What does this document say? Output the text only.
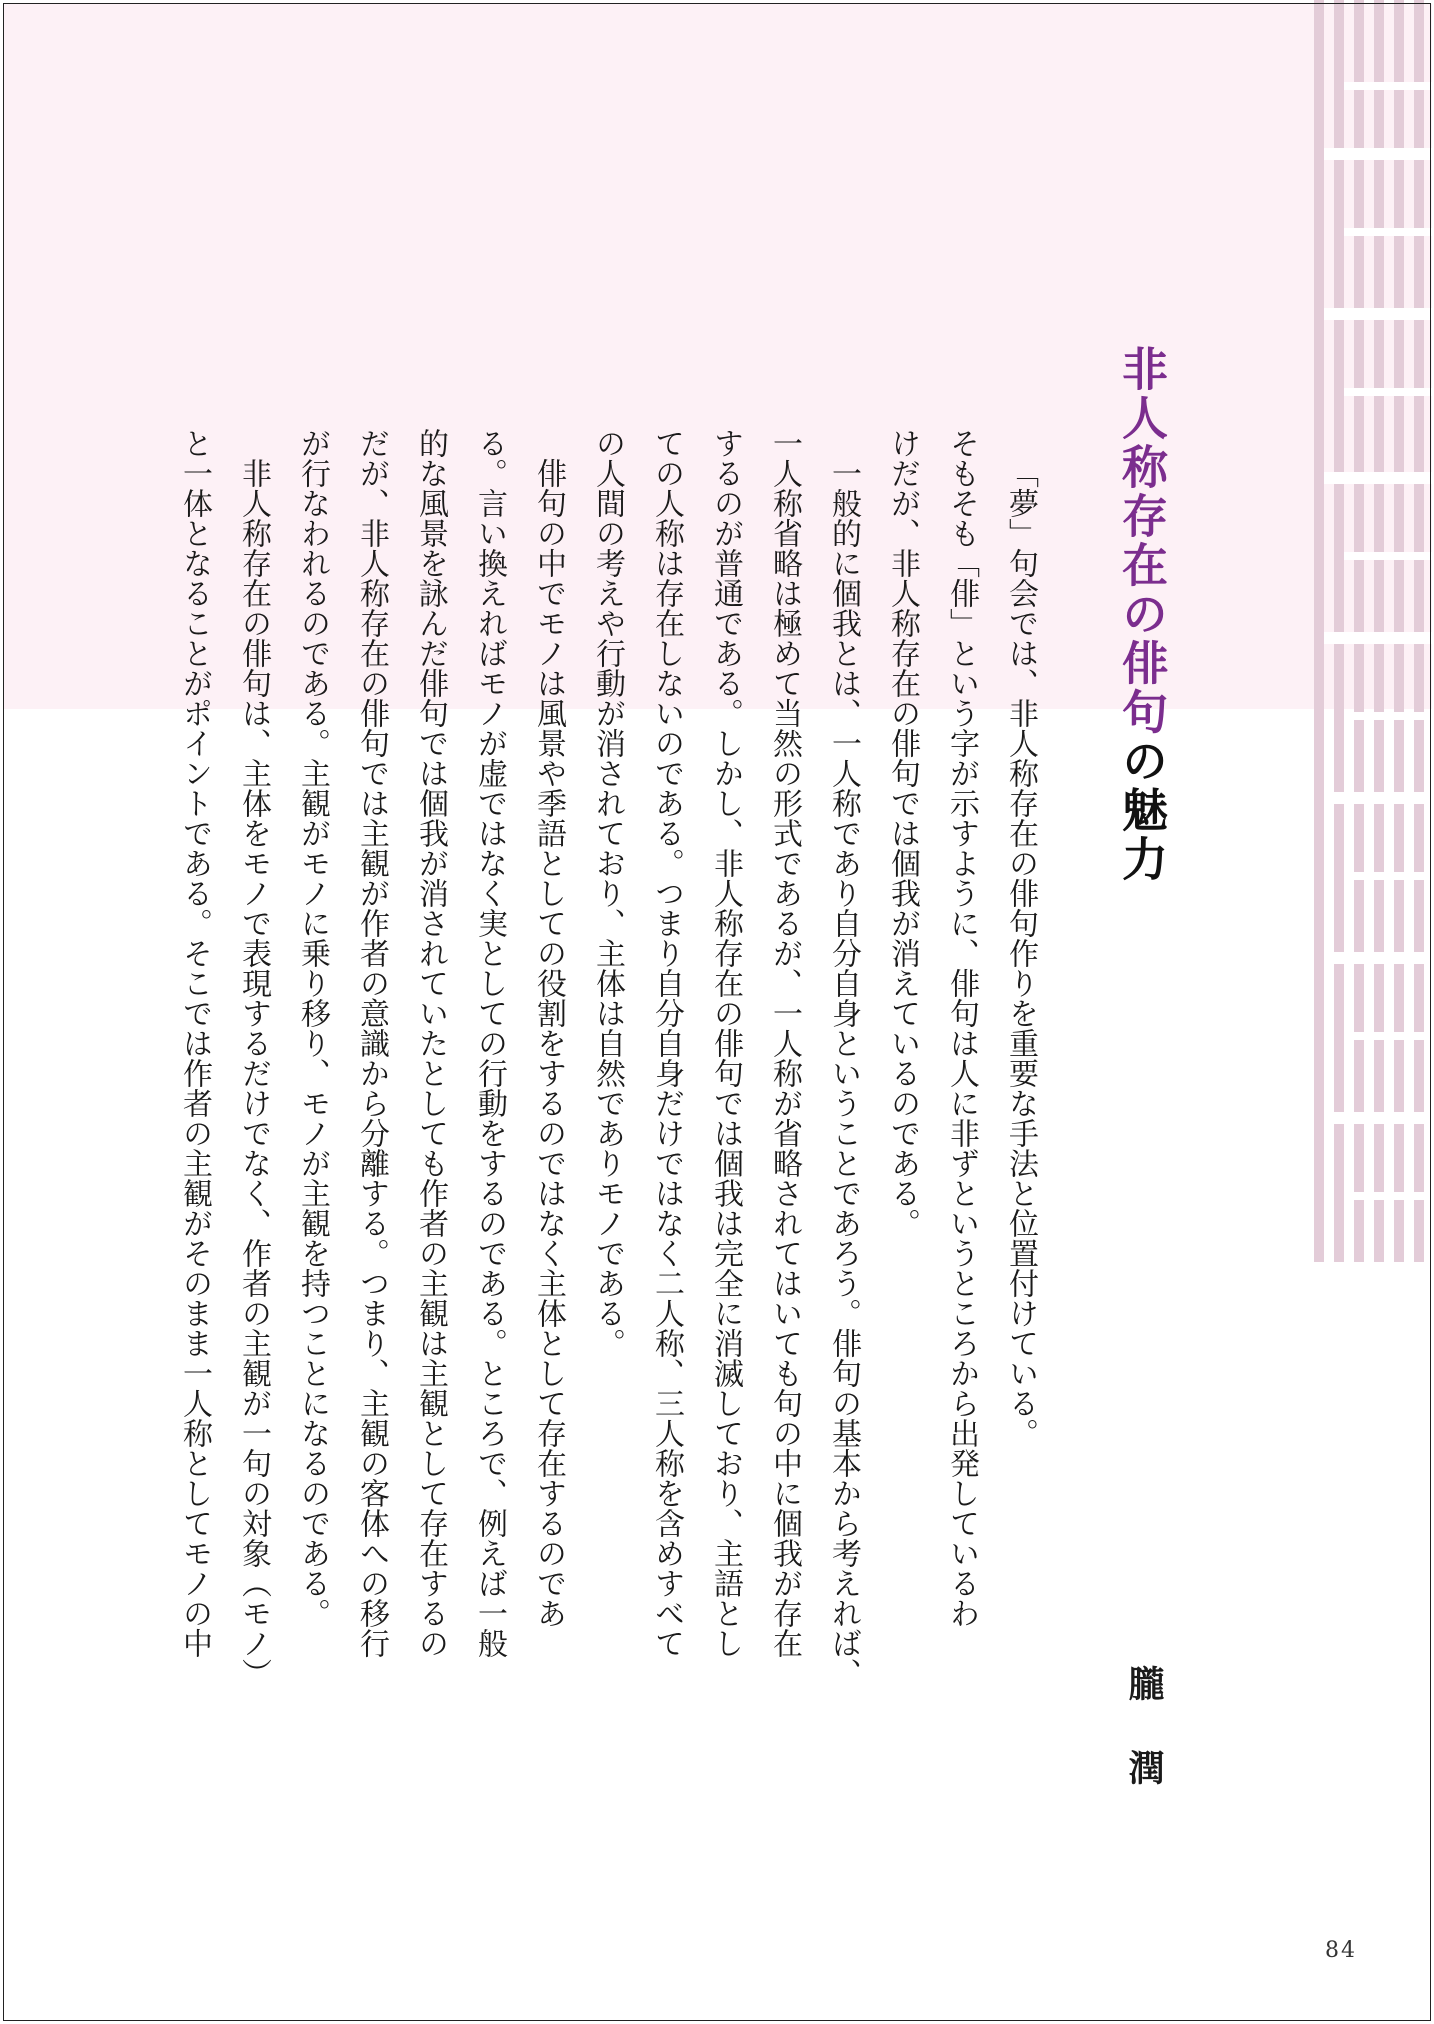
非人称存在の俳句の魅力
「夢」句会では、非人称存在の俳句作りを重要な手法と位置付けている。
そもそも「俳」という字が示すように、俳句は人に非ずというところから出発しているわ
けだが、非人称存在の俳句では個我が消えているのである。
一般的に個我とは、一人称であり自分自身ということであろう。俳句の基本から考えれば、
一人称省略は極めて当然の形式であるが、一人称が省略されてはいても句の中に個我が存在
するのが普通である。しかし、非人称存在の俳句では個我は完全に消滅しており、主語とし
ての人称は存在しないのである。つまり自分自身だけではなく二人称、三人称を含めすべて
の人間の考えや行動が消されており、主体は自然でありモノである。
俳句の中でモノは風景や季語としての役割をするのではなく主体として存在するのであ
る。言い換えればモノが虚ではなく実としての行動をするのである。ところで、例えば一般
的な風景を詠んだ俳句では個我が消されていたとしても作者の主観は主観として存在するの
だが、非人称存在の俳句では主観が作者の意識から分離する。つまり、主観の客体への移行
が行なわれるのである。主観がモノに乗り移り、モノが主観を持つことになるのである。
非人称存在の俳句は、主体をモノで表現するだけでなく、作者の主観が一句の対象（モノ）
と一体となることがポイントである。そこでは作者の主観がそのまま一人称としてモノの中
朧　潤
84
